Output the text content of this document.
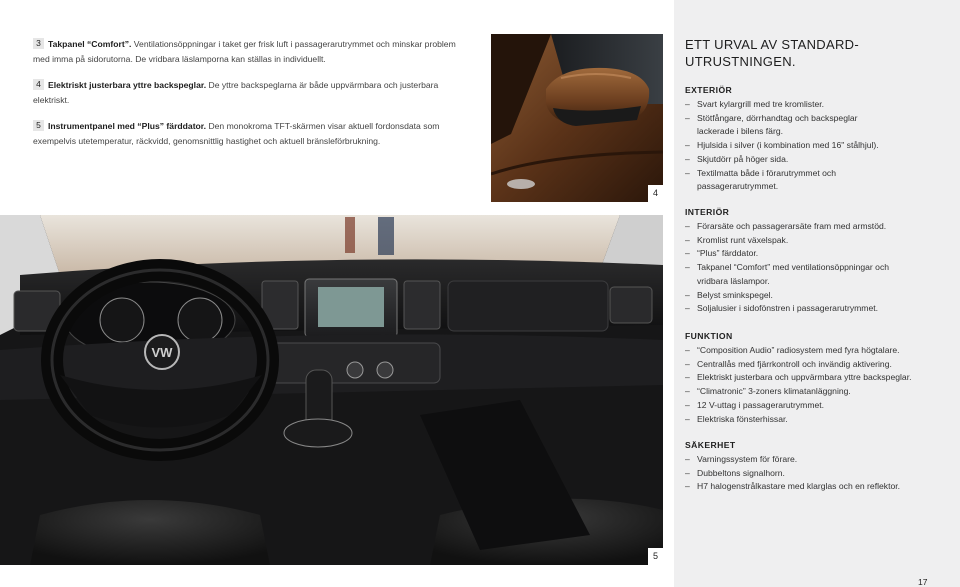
3 Takpanel “Comfort”. Ventilationsöppningar i taket ger frisk luft i passagerarutrymmet och minskar problem med imma på sidorutorna. De vridbara läslamporna kan ställas in individuellt.
4 Elektriskt justerbara yttre backspeglar. De yttre backspeglarna är både uppvärmbara och justerbara elektriskt.
5 Instrumentpanel med “Plus” färddator. Den monokroma TFT-skärmen visar aktuell fordonsdata som exempelvis utetemperatur, räckvidd, genomsnittlig hastighet och aktuell bränsleförbrukning.
4
VW
5
ETT URVAL AV STANDARD-UTRUSTNINGEN.
EXTERIÖR
– Svart kylargrill med tre kromlister.
– Stötfångare, dörrhandtag och backspeglar lackerade i bilens färg.
– Hjulsida i silver (i kombination med 16" stålhjul).
– Skjutdörr på höger sida.
– Textilmatta både i förarutrymmet och passagerarutrymmet.
INTERIÖR
– Förarsäte och passagerarsäte fram med armstöd.
– Kromlist runt växelspak.
– “Plus” färddator.
– Takpanel “Comfort” med ventilationsöppningar och vridbara läslampor.
– Belyst sminkspegel.
– Soljalusier i sidofönstren i passagerarutrymmet.
FUNKTION
– “Composition Audio” radiosystem med fyra högtalare.
– Centrallås med fjärrkontroll och invändig aktivering.
– Elektriskt justerbara och uppvärmbara yttre backspeglar.
– “Climatronic” 3-zoners klimatanläggning.
– 12 V-uttag i passagerarutrymmet.
– Elektriska fönsterhissar.
SÄKERHET
– Varningssystem för förare.
– Dubbeltons signalhorn.
– H7 halogenstrålkastare med klarglas och en reflektor.
17
